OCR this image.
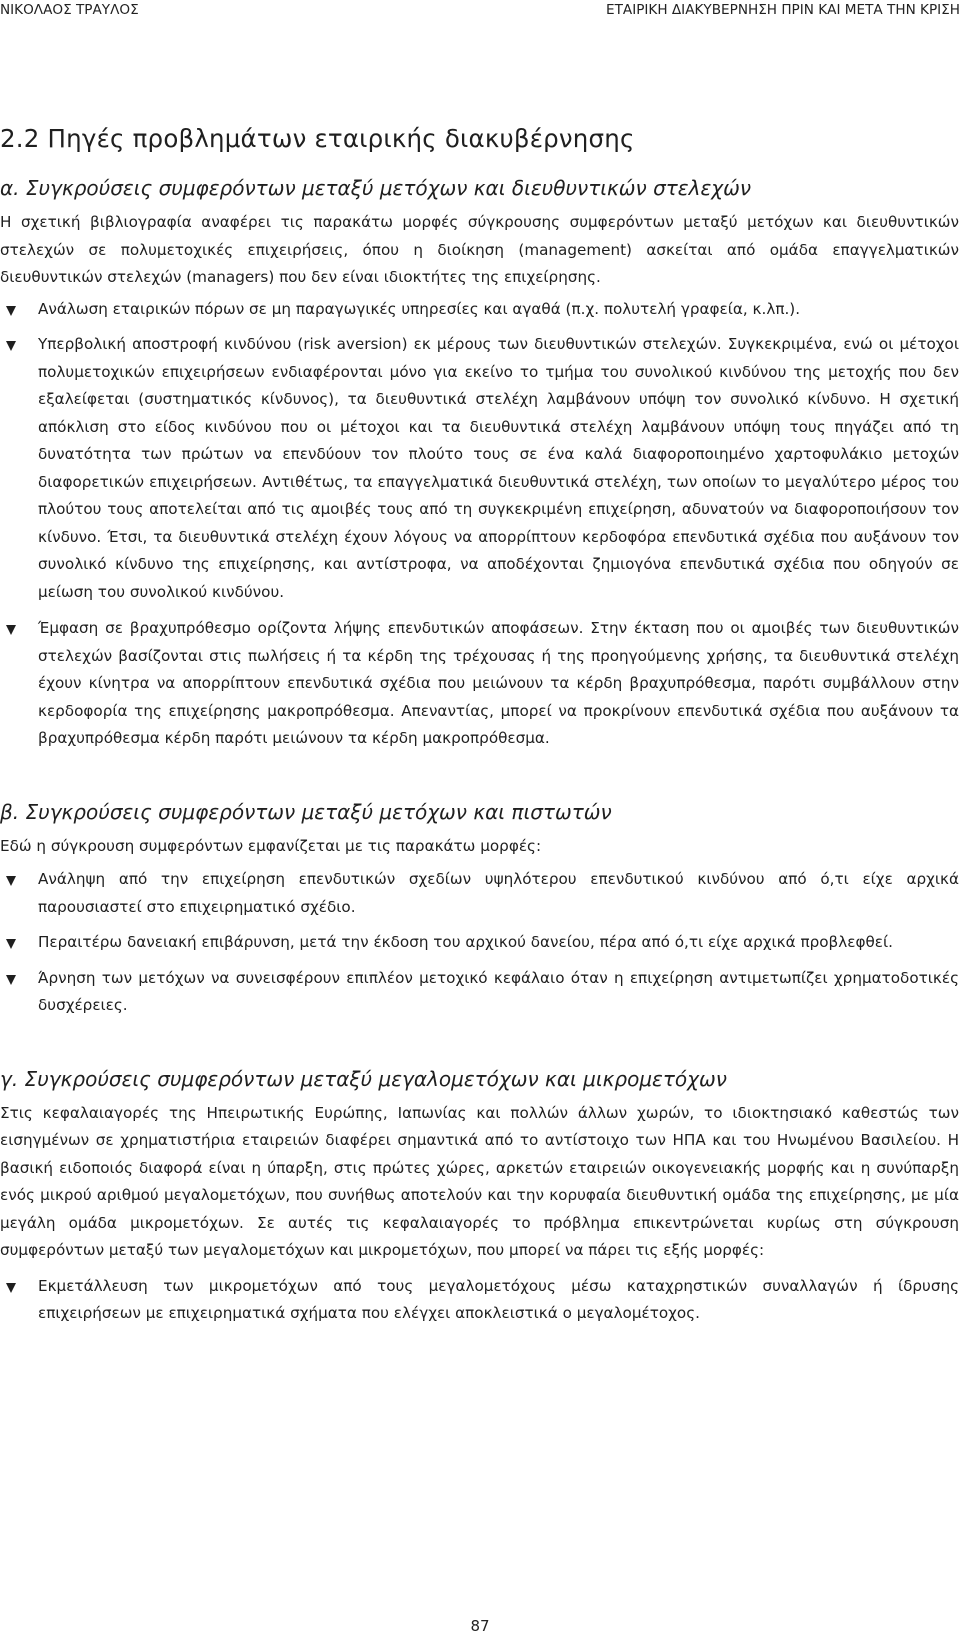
ΝΙΚΟΛΑΟΣ ΤΡΑΥΛΟΣ	ΕΤΑΙΡΙΚΗ ΔΙΑΚΥΒΕΡΝΗΣΗ ΠΡΙΝ ΚΑΙ ΜΕΤΑ ΤΗΝ ΚΡΙΣΗ
2.2 Πηγές προβλημάτων εταιρικής διακυβέρνησης
α. Συγκρούσεις συμφερόντων μεταξύ μετόχων και διευθυντικών στελεχών

Η σχετική βιβλιογραφία αναφέρει τις παρακάτω μορφές σύγκρουσης συμφερόντων μεταξύ μετόχων και διευθυντικών στελεχών σε πολυμετοχικές επιχειρήσεις, όπου η διοίκηση (management) ασκείται από ομάδα επαγγελματικών διευθυντικών στελεχών (managers) που δεν είναι ιδιοκτήτες της επιχείρησης.

Ανάλωση εταιρικών πόρων σε μη παραγωγικές υπηρεσίες και αγαθά (π.χ. πολυτελή γραφεία, κ.λπ.).
Υπερβολική αποστροφή κινδύνου (risk aversion) εκ μέρους των διευθυντικών στελεχών. Συγκεκριμένα, ενώ οι μέτοχοι πολυμετοχικών επιχειρήσεων ενδιαφέρονται μόνο για εκείνο το τμήμα του συνολικού κινδύνου της μετοχής που δεν εξαλείφεται (συστηματικός κίνδυνος), τα διευθυντικά στελέχη λαμβάνουν υπόψη τον συνολικό κίνδυνο. Η σχετική απόκλιση στο είδος κινδύνου που οι μέτοχοι και τα διευθυντικά στελέχη λαμβάνουν υπόψη τους πηγάζει από τη δυνατότητα των πρώτων να επενδύουν τον πλούτο τους σε ένα καλά διαφοροποιημένο χαρτοφυλάκιο μετοχών διαφορετικών επιχειρήσεων. Αντιθέτως, τα επαγγελματικά διευθυντικά στελέχη, των οποίων το μεγαλύτερο μέρος του πλούτου τους αποτελείται από τις αμοιβές τους από τη συγκεκριμένη επιχείρηση, αδυνατούν να διαφοροποιήσουν τον κίνδυνο. Έτσι, τα διευθυντικά στελέχη έχουν λόγους να απορρίπτουν κερδοφόρα επενδυτικά σχέδια που αυξάνουν τον συνολικό κίνδυνο της επιχείρησης, και αντίστροφα, να αποδέχονται ζημιογόνα επενδυτικά σχέδια που οδηγούν σε μείωση του συνολικού κινδύνου.
Έμφαση σε βραχυπρόθεσμο ορίζοντα λήψης επενδυτικών αποφάσεων. Στην έκταση που οι αμοιβές των διευθυντικών στελεχών βασίζονται στις πωλήσεις ή τα κέρδη της τρέχουσας ή της προηγούμενης χρήσης, τα διευθυντικά στελέχη έχουν κίνητρα να απορρίπτουν επενδυτικά σχέδια που μειώνουν τα κέρδη βραχυπρόθεσμα, παρότι συμβάλλουν στην κερδοφορία της επιχείρησης μακροπρόθεσμα. Απεναντίας, μπορεί να προκρίνουν επενδυτικά σχέδια που αυξάνουν τα βραχυπρόθεσμα κέρδη παρότι μειώνουν τα κέρδη μακροπρόθεσμα.
β. Συγκρούσεις συμφερόντων μεταξύ μετόχων και πιστωτών

Εδώ η σύγκρουση συμφερόντων εμφανίζεται με τις παρακάτω μορφές:

Ανάληψη από την επιχείρηση επενδυτικών σχεδίων υψηλότερου επενδυτικού κινδύνου από ό,τι είχε αρχικά παρουσιαστεί στο επιχειρηματικό σχέδιο.
Περαιτέρω δανειακή επιβάρυνση, μετά την έκδοση του αρχικού δανείου, πέρα από ό,τι είχε αρχικά προβλεφθεί.
Άρνηση των μετόχων να συνεισφέρουν επιπλέον μετοχικό κεφάλαιο όταν η επιχείρηση αντιμετωπίζει χρηματοδοτικές δυσχέρειες.
γ. Συγκρούσεις συμφερόντων μεταξύ μεγαλομετόχων και μικρομετόχων

Στις κεφαλαιαγορές της Ηπειρωτικής Ευρώπης, Ιαπωνίας και πολλών άλλων χωρών, το ιδιοκτησιακό καθεστώς των εισηγμένων σε χρηματιστήρια εταιρειών διαφέρει σημαντικά από το αντίστοιχο των ΗΠΑ και του Ηνωμένου Βασιλείου. Η βασική ειδοποιός διαφορά είναι η ύπαρξη, στις πρώτες χώρες, αρκετών εταιρειών οικογενειακής μορφής και η συνύπαρξη ενός μικρού αριθμού μεγαλομετόχων, που συνήθως αποτελούν και την κορυφαία διευθυντική ομάδα της επιχείρησης, με μία μεγάλη ομάδα μικρομετόχων. Σε αυτές τις κεφαλαιαγορές το πρόβλημα επικεντρώνεται κυρίως στη σύγκρουση συμφερόντων μεταξύ των μεγαλομετόχων και μικρομετόχων, που μπορεί να πάρει τις εξής μορφές:

Εκμετάλλευση των μικρομετόχων από τους μεγαλομετόχους μέσω καταχρηστικών συναλλαγών ή ίδρυσης επιχειρήσεων με επιχειρηματικά σχήματα που ελέγχει αποκλειστικά ο μεγαλομέτοχος.
87
